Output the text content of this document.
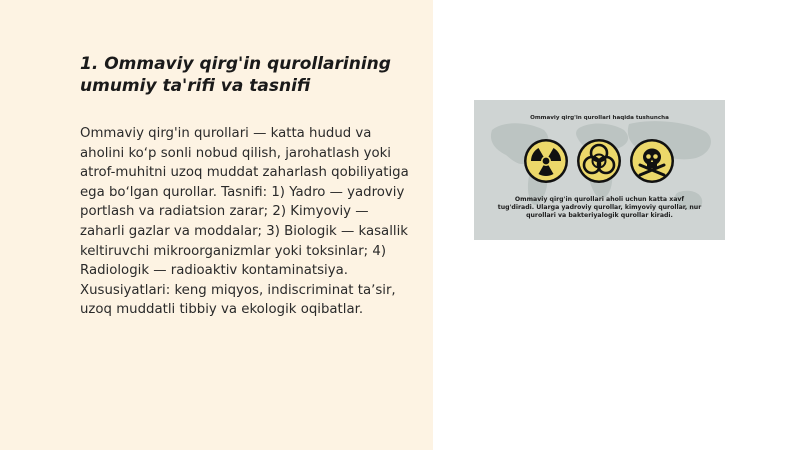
1. Ommaviy qirg'in qurollarining
umumiy ta'rifi va tasnifi

Ommaviy qirg'in qurollari — katta hudud va aholini koʻp sonli nobud qilish, jarohatlash yoki atrof-muhitni uzoq muddat zaharlash qobiliyatiga ega boʻlgan qurollar. Tasnifi: 1) Yadro — yadroviy portlash va radiatsion zarar; 2) Kimyoviy — zaharli gazlar va moddalar; 3) Biologik — kasallik keltiruvchi mikroorganizmlar yoki toksinlar; 4) Radiologik — radioaktiv kontaminatsiya. Xususiyatlari: keng miqyos, indiscriminat taʼsir, uzoq muddatli tibbiy va ekologik oqibatlar.

Ommaviy qirg'in qurollari haqida tushuncha
Ommaviy qirg'in qurollari aholi uchun katta xavf tug'diradi. Ularga yadroviy qurollar, kimyoviy qurollar, nur qurollari va bakteriyalogik qurollar kiradi.
